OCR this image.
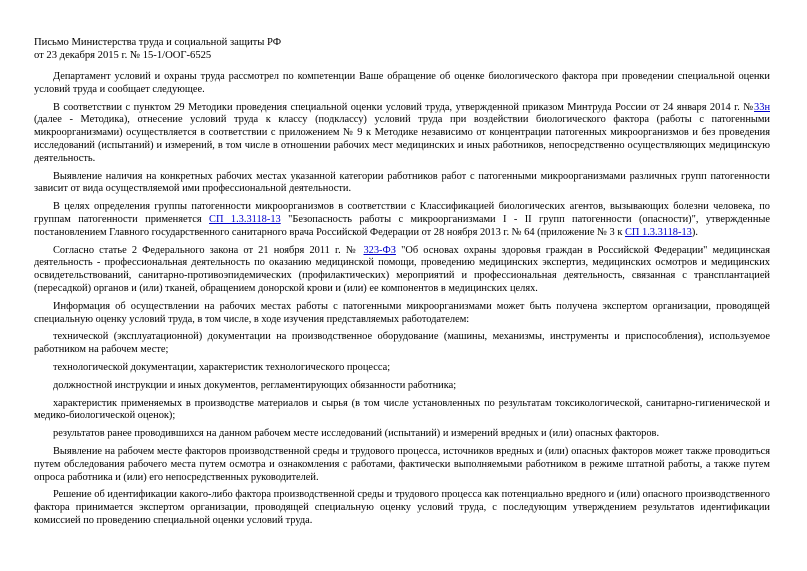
Письмо Министерства труда и социальной защиты РФ
от 23 декабря 2015 г. № 15-1/ООГ-6525

Департамент условий и охраны труда рассмотрел по компетенции Ваше обращение об оценке биологического фактора при проведении специальной оценки условий труда и сообщает следующее.

В соответствии с пунктом 29 Методики проведения специальной оценки условий труда, утвержденной приказом Минтруда России от 24 января 2014 г. №33н (далее - Методика), отнесение условий труда к классу (подклассу) условий труда при воздействии биологического фактора (работы с патогенными микроорганизмами) осуществляется в соответствии с приложением № 9 к Методике независимо от концентрации патогенных микроорганизмов и без проведения исследований (испытаний) и измерений, в том числе в отношении рабочих мест медицинских и иных работников, непосредственно осуществляющих медицинскую деятельность.

Выявление наличия на конкретных рабочих местах указанной категории работников работ с патогенными микроорганизмами различных групп патогенности зависит от вида осуществляемой ими профессиональной деятельности.

В целях определения группы патогенности микроорганизмов в соответствии с Классификацией биологических агентов, вызывающих болезни человека, по группам патогенности применяется СП 1.3.3118-13 "Безопасность работы с микроорганизмами I - II групп патогенности (опасности)", утвержденные постановлением Главного государственного санитарного врача Российской Федерации от 28 ноября 2013 г. № 64 (приложение № 3 к СП 1.3.3118-13).

Согласно статье 2 Федерального закона от 21 ноября 2011 г. № 323-ФЗ "Об основах охраны здоровья граждан в Российской Федерации" медицинская деятельность - профессиональная деятельность по оказанию медицинской помощи, проведению медицинских экспертиз, медицинских осмотров и медицинских освидетельствований, санитарно-противоэпидемических (профилактических) мероприятий и профессиональная деятельность, связанная с трансплантацией (пересадкой) органов и (или) тканей, обращением донорской крови и (или) ее компонентов в медицинских целях.

Информация об осуществлении на рабочих местах работы с патогенными микроорганизмами может быть получена экспертом организации, проводящей специальную оценку условий труда, в том числе, в ходе изучения представляемых работодателем:

технической (эксплуатационной) документации на производственное оборудование (машины, механизмы, инструменты и приспособления), используемое работником на рабочем месте;

технологической документации, характеристик технологического процесса;

должностной инструкции и иных документов, регламентирующих обязанности работника;

характеристик применяемых в производстве материалов и сырья (в том числе установленных по результатам токсикологической, санитарно-гигиенической и медико-биологической оценок);

результатов ранее проводившихся на данном рабочем месте исследований (испытаний) и измерений вредных и (или) опасных факторов.

Выявление на рабочем месте факторов производственной среды и трудового процесса, источников вредных и (или) опасных факторов может также проводиться путем обследования рабочего места путем осмотра и ознакомления с работами, фактически выполняемыми работником в режиме штатной работы, а также путем опроса работника и (или) его непосредственных руководителей.

Решение об идентификации какого-либо фактора производственной среды и трудового процесса как потенциально вредного и (или) опасного производственного фактора принимается экспертом организации, проводящей специальную оценку условий труда, с последующим утверждением результатов идентификации комиссией по проведению специальной оценки условий труда.
